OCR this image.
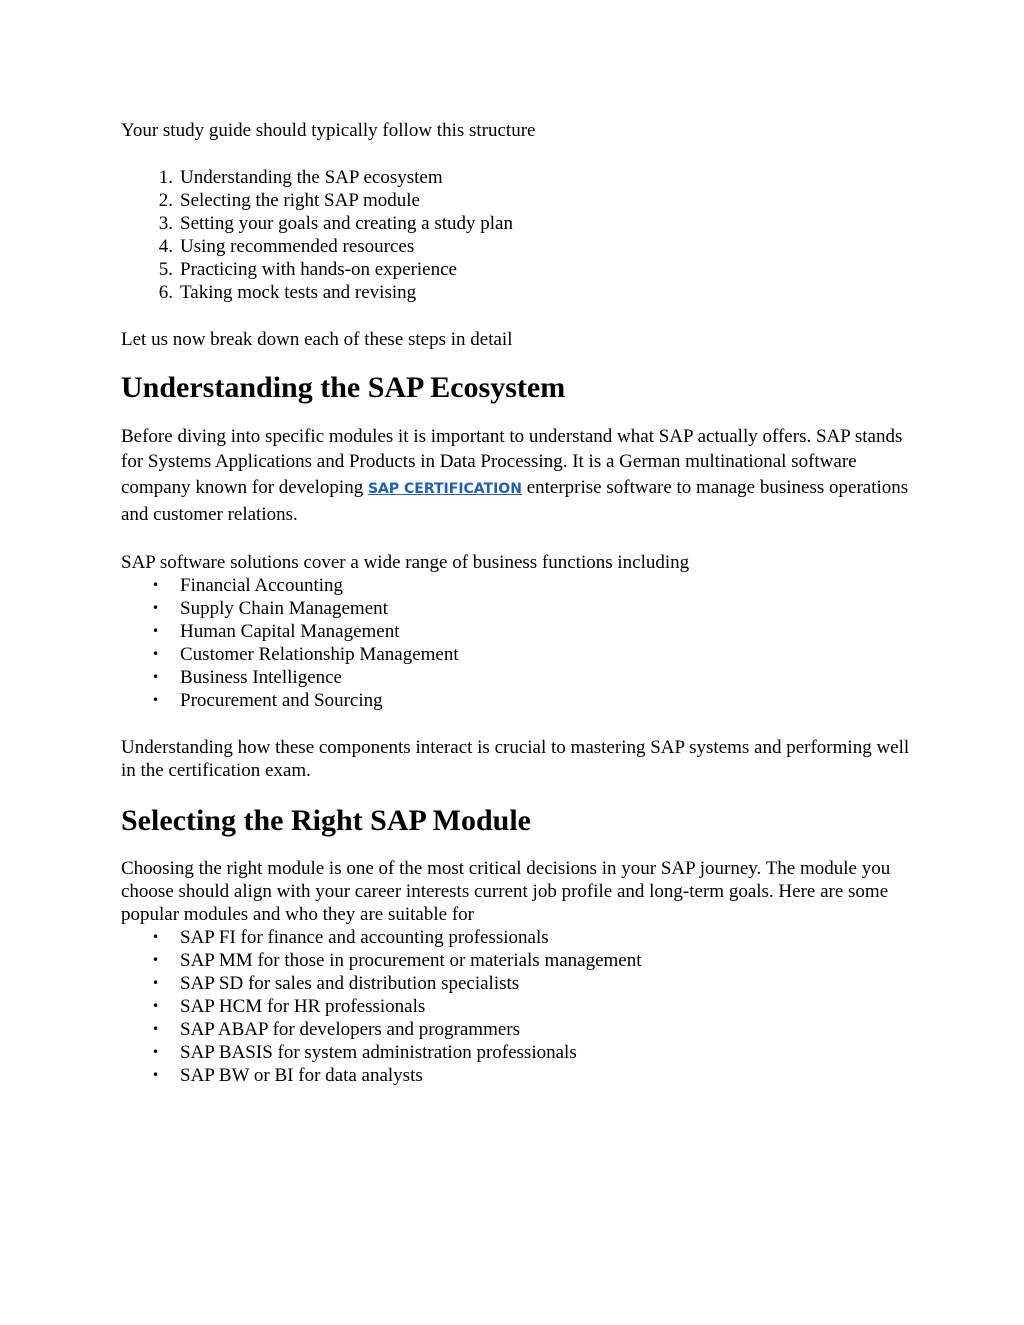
Your study guide should typically follow this structure

1. Understanding the SAP ecosystem
2. Selecting the right SAP module
3. Setting your goals and creating a study plan
4. Using recommended resources
5. Practicing with hands-on experience
6. Taking mock tests and revising

Let us now break down each of these steps in detail

Understanding the SAP Ecosystem

Before diving into specific modules it is important to understand what SAP actually offers. SAP stands for Systems Applications and Products in Data Processing. It is a German multinational software company known for developing SAP CERTIFICATION enterprise software to manage business operations and customer relations.

SAP software solutions cover a wide range of business functions including

• Financial Accounting
• Supply Chain Management
• Human Capital Management
• Customer Relationship Management
• Business Intelligence
• Procurement and Sourcing

Understanding how these components interact is crucial to mastering SAP systems and performing well in the certification exam.

Selecting the Right SAP Module

Choosing the right module is one of the most critical decisions in your SAP journey. The module you choose should align with your career interests current job profile and long-term goals. Here are some popular modules and who they are suitable for

• SAP FI for finance and accounting professionals
• SAP MM for those in procurement or materials management
• SAP SD for sales and distribution specialists
• SAP HCM for HR professionals
• SAP ABAP for developers and programmers
• SAP BASIS for system administration professionals
• SAP BW or BI for data analysts
